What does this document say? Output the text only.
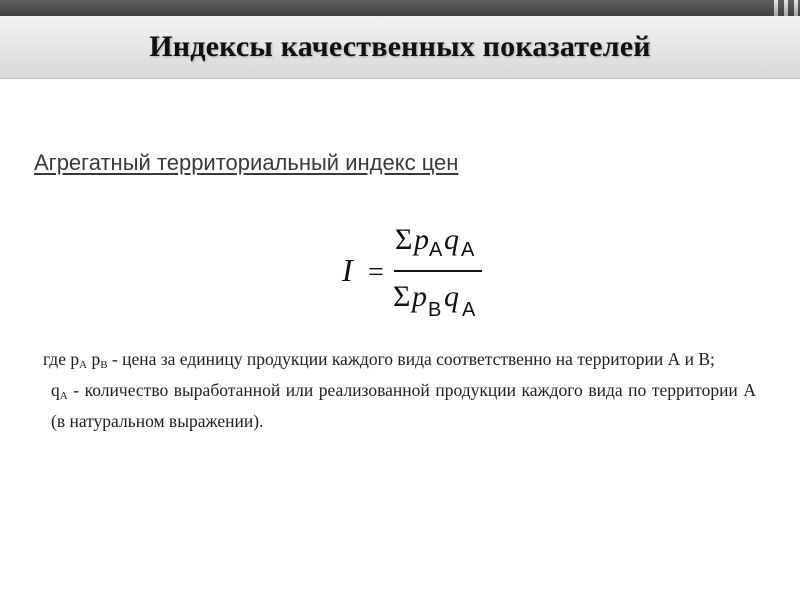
Индексы качественных показателей

Агрегатный территориальный индекс цен

I =
Σ p A q A
Σ p B q A

где $p_A$ $p_B$ - цена за единицу продукции каждого вида соответственно на территории А и В;

$q_A$ - количество выработанной или реализованной продукции каждого вида по территории А (в натуральном выражении).
